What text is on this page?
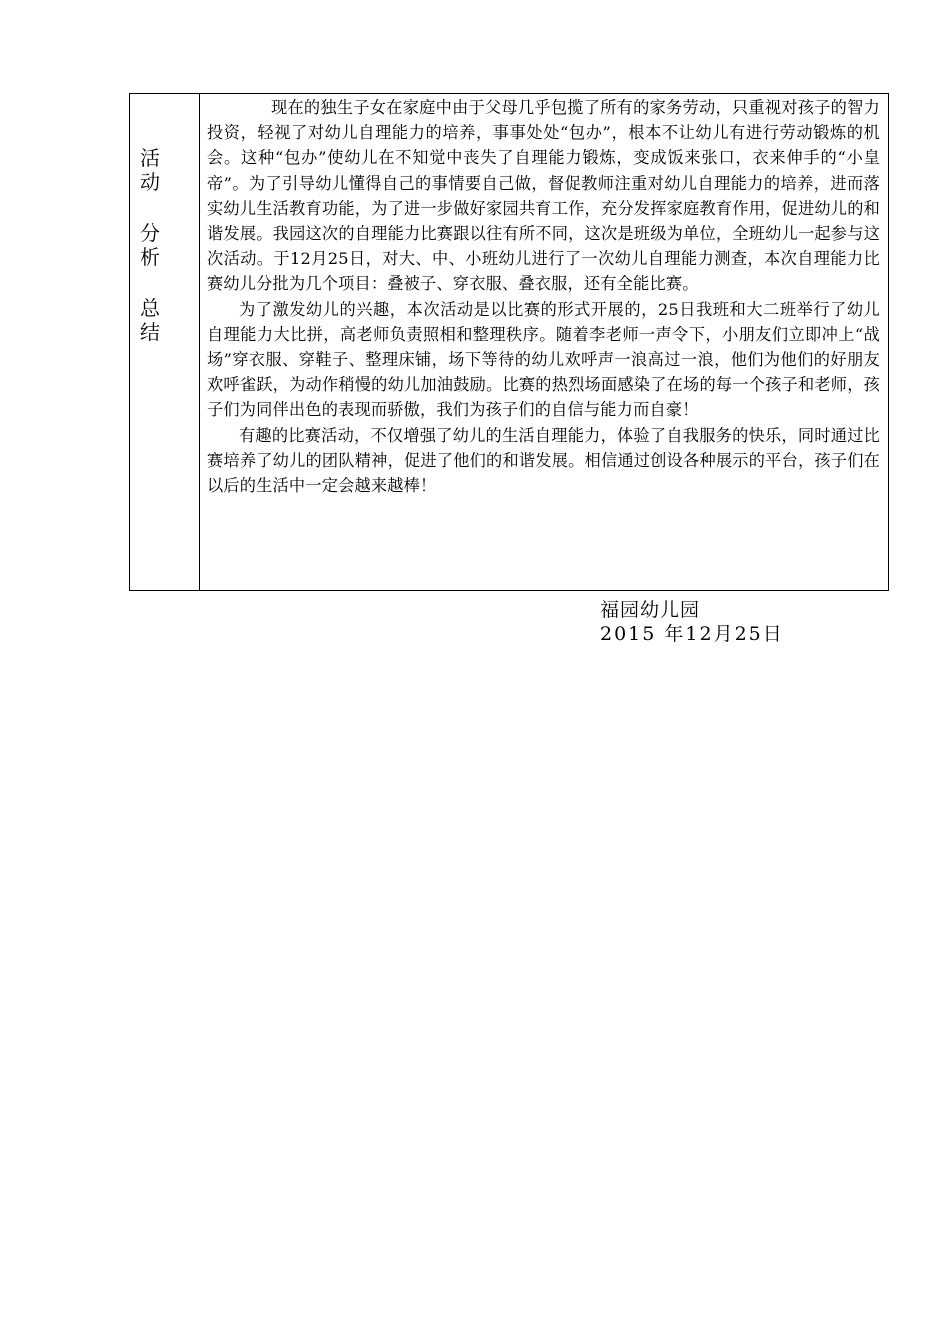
活
动
分
析
总
结

现在的独生子女在家庭中由于父母几乎包揽了所有的家务劳动，只重视对孩子的智力投资，轻视了对幼儿自理能力的培养，事事处处“包办”，根本不让幼儿有进行劳动锻炼的机会。这种“包办”使幼儿在不知觉中丧失了自理能力锻炼，变成饭来张口，衣来伸手的“小皇帝”。为了引导幼儿懂得自己的事情要自己做，督促教师注重对幼儿自理能力的培养，进而落实幼儿生活教育功能，为了进一步做好家园共育工作，充分发挥家庭教育作用，促进幼儿的和谐发展。我园这次的自理能力比赛跟以往有所不同，这次是班级为单位，全班幼儿一起参与这次活动。于12月25日，对大、中、小班幼儿进行了一次幼儿自理能力测查，本次自理能力比赛幼儿分批为几个项目：叠被子、穿衣服、叠衣服，还有全能比赛。

为了激发幼儿的兴趣，本次活动是以比赛的形式开展的，25日我班和大二班举行了幼儿自理能力大比拼，高老师负责照相和整理秩序。随着李老师一声令下，小朋友们立即冲上“战场”穿衣服、穿鞋子、整理床铺，场下等待的幼儿欢呼声一浪高过一浪，他们为他们的好朋友欢呼雀跃，为动作稍慢的幼儿加油鼓励。比赛的热烈场面感染了在场的每一个孩子和老师，孩子们为同伴出色的表现而骄傲，我们为孩子们的自信与能力而自豪！

有趣的比赛活动，不仅增强了幼儿的生活自理能力，体验了自我服务的快乐，同时通过比赛培养了幼儿的团队精神，促进了他们的和谐发展。相信通过创设各种展示的平台，孩子们在以后的生活中一定会越来越棒！

福园幼儿园
2015 年12月25日
